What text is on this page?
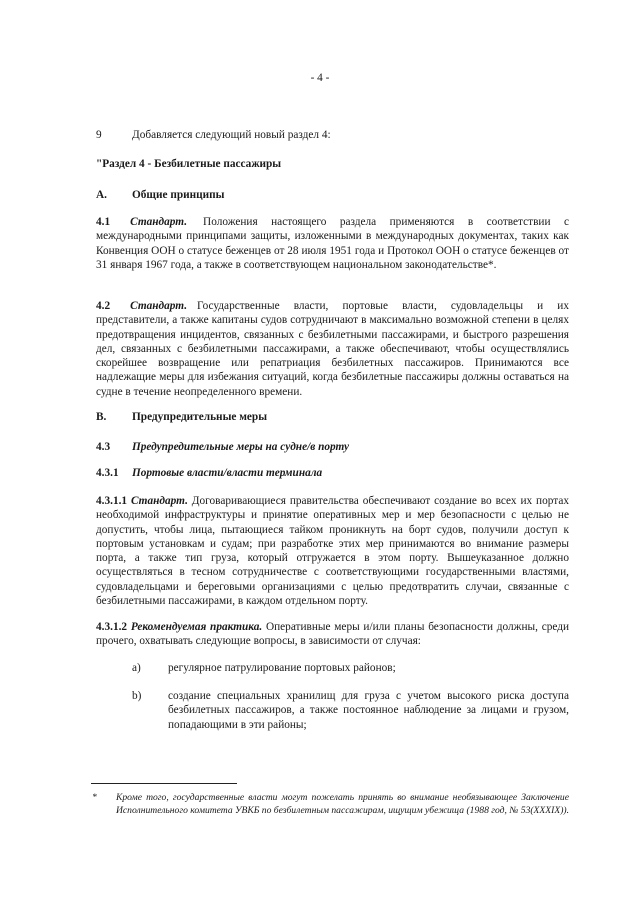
- 4 -
9	Добавляется следующий новый раздел 4:
"Раздел 4 - Безбилетные пассажиры
А. Общие принципы
4.1 Стандарт. Положения настоящего раздела применяются в соответствии с международными принципами защиты, изложенными в международных документах, таких как Конвенция ООН о статусе беженцев от 28 июля 1951 года и Протокол ООН о статусе беженцев от 31 января 1967 года, а также в соответствующем национальном законодательстве*.
4.2 Стандарт. Государственные власти, портовые власти, судовладельцы и их представители, а также капитаны судов сотрудничают в максимально возможной степени в целях предотвращения инцидентов, связанных с безбилетными пассажирами, и быстрого разрешения дел, связанных с безбилетными пассажирами, а также обеспечивают, чтобы осуществлялись скорейшее возвращение или репатриация безбилетных пассажиров. Принимаются все надлежащие меры для избежания ситуаций, когда безбилетные пассажиры должны оставаться на судне в течение неопределенного времени.
В. Предупредительные меры
4.3 Предупредительные меры на судне/в порту
4.3.1 Портовые власти/власти терминала
4.3.1.1 Стандарт. Договаривающиеся правительства обеспечивают создание во всех их портах необходимой инфраструктуры и принятие оперативных мер и мер безопасности с целью не допустить, чтобы лица, пытающиеся тайком проникнуть на борт судов, получили доступ к портовым установкам и судам; при разработке этих мер принимаются во внимание размеры порта, а также тип груза, который отгружается в этом порту. Вышеуказанное должно осуществляться в тесном сотрудничестве с соответствующими государственными властями, судовладельцами и береговыми организациями с целью предотвратить случаи, связанные с безбилетными пассажирами, в каждом отдельном порту.
4.3.1.2 Рекомендуемая практика. Оперативные меры и/или планы безопасности должны, среди прочего, охватывать следующие вопросы, в зависимости от случая:
a) регулярное патрулирование портовых районов;
b) создание специальных хранилищ для груза с учетом высокого риска доступа безбилетных пассажиров, а также постоянное наблюдение за лицами и грузом, попадающими в эти районы;
* Кроме того, государственные власти могут пожелать принять во внимание необязывающее Заключение Исполнительного комитета УВКБ по безбилетным пассажирам, ищущим убежища (1988 год, № 53(XXXIX)).
